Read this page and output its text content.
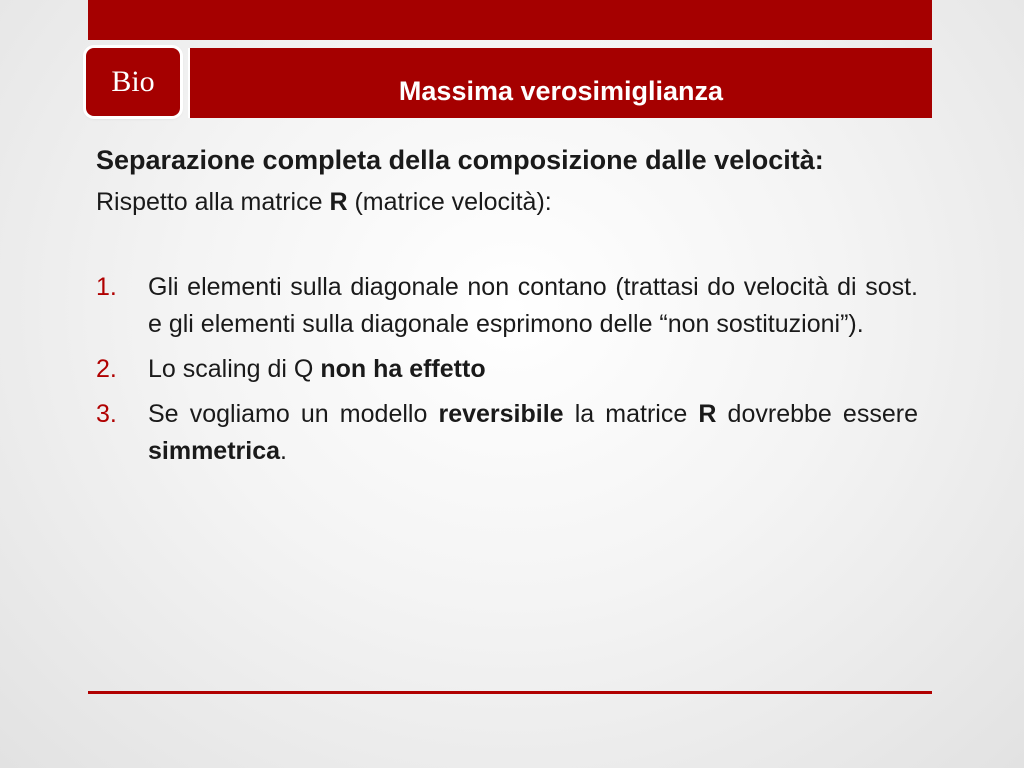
Bio	Massima verosimiglianza

Separazione completa della composizione dalle velocità:

Rispetto alla matrice R (matrice velocità):

1. Gli elementi sulla diagonale non contano (trattasi do velocità di sost. e gli elementi sulla diagonale esprimono delle “non sostituzioni”).
2. Lo scaling di Q non ha effetto
3. Se vogliamo un modello reversibile la matrice R dovrebbe essere simmetrica.
